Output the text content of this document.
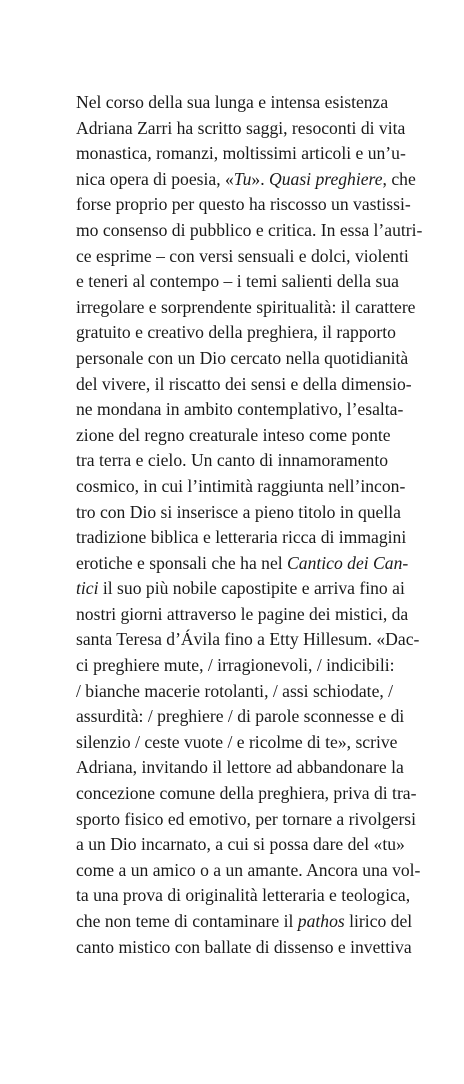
Nel corso della sua lunga e intensa esistenza
Adriana Zarri ha scritto saggi, resoconti di vita
monastica, romanzi, moltissimi articoli e un’u-
nica opera di poesia, «Tu». Quasi preghiere, che
forse proprio per questo ha riscosso un vastissi-
mo consenso di pubblico e critica. In essa l’autri-
ce esprime – con versi sensuali e dolci, violenti
e teneri al contempo – i temi salienti della sua
irregolare e sorprendente spiritualità: il carattere
gratuito e creativo della preghiera, il rapporto
personale con un Dio cercato nella quotidianità
del vivere, il riscatto dei sensi e della dimensio-
ne mondana in ambito contemplativo, l’esalta-
zione del regno creaturale inteso come ponte
tra terra e cielo. Un canto di innamoramento
cosmico, in cui l’intimità raggiunta nell’incon-
tro con Dio si inserisce a pieno titolo in quella
tradizione biblica e letteraria ricca di immagini
erotiche e sponsali che ha nel Cantico dei Can-
tici il suo più nobile capostipite e arriva fino ai
nostri giorni attraverso le pagine dei mistici, da
santa Teresa d’Ávila fino a Etty Hillesum. «Dac-
ci preghiere mute, / irragionevoli, / indicibili:
/ bianche macerie rotolanti, / assi schiodate, /
assurdità: / preghiere / di parole sconnesse e di
silenzio / ceste vuote / e ricolme di te», scrive
Adriana, invitando il lettore ad abbandonare la
concezione comune della preghiera, priva di tra-
sporto fisico ed emotivo, per tornare a rivolgersi
a un Dio incarnato, a cui si possa dare del «tu»
come a un amico o a un amante. Ancora una vol-
ta una prova di originalità letteraria e teologica,
che non teme di contaminare il pathos lirico del
canto mistico con ballate di dissenso e invettiva
